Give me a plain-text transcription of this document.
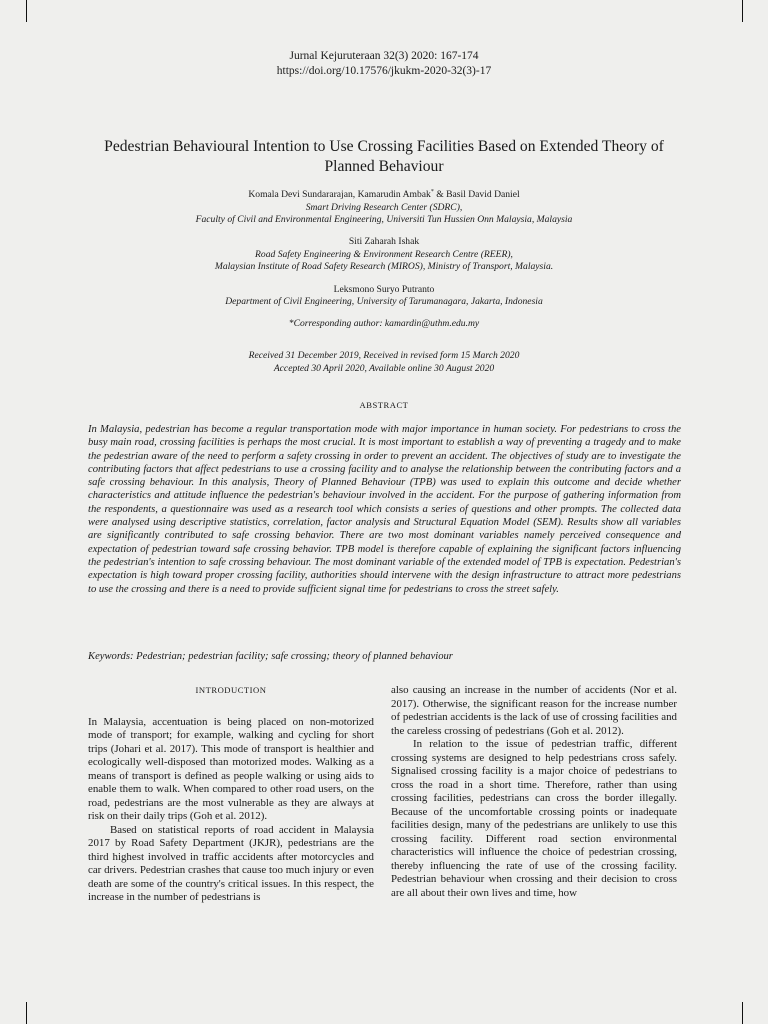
Jurnal Kejuruteraan 32(3) 2020: 167-174
https://doi.org/10.17576/jkukm-2020-32(3)-17
Pedestrian Behavioural Intention to Use Crossing Facilities Based on Extended Theory of Planned Behaviour
Komala Devi Sundararajan, Kamarudin Ambak* & Basil David Daniel
Smart Driving Research Center (SDRC),
Faculty of Civil and Environmental Engineering, Universiti Tun Hussien Onn Malaysia, Malaysia
Siti Zaharah Ishak
Road Safety Engineering & Environment Research Centre (REER),
Malaysian Institute of Road Safety Research (MIROS), Ministry of Transport, Malaysia.
Leksmono Suryo Putranto
Department of Civil Engineering, University of Tarumanagara, Jakarta, Indonesia
*Corresponding author: kamardin@uthm.edu.my
Received 31 December 2019, Received in revised form 15 March 2020
Accepted 30 April 2020, Available online 30 August 2020
ABSTRACT
In Malaysia, pedestrian has become a regular transportation mode with major importance in human society. For pedestrians to cross the busy main road, crossing facilities is perhaps the most crucial. It is most important to establish a way of preventing a tragedy and to make the pedestrian aware of the need to perform a safety crossing in order to prevent an accident. The objectives of study are to investigate the contributing factors that affect pedestrians to use a crossing facility and to analyse the relationship between the contributing factors and a safe crossing behaviour. In this analysis, Theory of Planned Behaviour (TPB) was used to explain this outcome and decide whether characteristics and attitude influence the pedestrian's behaviour involved in the accident. For the purpose of gathering information from the respondents, a questionnaire was used as a research tool which consists a series of questions and other prompts. The collected data were analysed using descriptive statistics, correlation, factor analysis and Structural Equation Model (SEM). Results show all variables are significantly contributed to safe crossing behavior. There are two most dominant variables namely perceived consequence and expectation of pedestrian toward safe crossing behavior. TPB model is therefore capable of explaining the significant factors influencing the pedestrian's intention to safe crossing behaviour. The most dominant variable of the extended model of TPB is expectation. Pedestrian's expectation is high toward proper crossing facility, authorities should intervene with the design infrastructure to attract more pedestrians to use the crossing and there is a need to provide sufficient signal time for pedestrians to cross the street safely.
Keywords: Pedestrian; pedestrian facility; safe crossing; theory of planned behaviour
INTRODUCTION

In Malaysia, accentuation is being placed on non-motorized mode of transport; for example, walking and cycling for short trips (Johari et al. 2017). This mode of transport is healthier and ecologically well-disposed than motorized modes. Walking as a means of transport is defined as people walking or using aids to enable them to walk. When compared to other road users, on the road, pedestrians are the most vulnerable as they are always at risk on their daily trips (Goh et al. 2012).

Based on statistical reports of road accident in Malaysia 2017 by Road Safety Department (JKJR), pedestrians are the third highest involved in traffic accidents after motorcycles and car drivers. Pedestrian crashes that cause too much injury or even death are some of the country's critical issues. In this respect, the increase in the number of pedestrians is

also causing an increase in the number of accidents (Nor et al. 2017). Otherwise, the significant reason for the increase number of pedestrian accidents is the lack of use of crossing facilities and the careless crossing of pedestrians (Goh et al. 2012).

In relation to the issue of pedestrian traffic, different crossing systems are designed to help pedestrians cross safely. Signalised crossing facility is a major choice of pedestrians to cross the road in a short time. Therefore, rather than using crossing facilities, pedestrians can cross the border illegally. Because of the uncomfortable crossing points or inadequate facilities design, many of the pedestrians are unlikely to use this crossing facility. Different road section environmental characteristics will influence the choice of pedestrian crossing, thereby influencing the rate of use of the crossing facility. Pedestrian behaviour when crossing and their decision to cross are all about their own lives and time, how
